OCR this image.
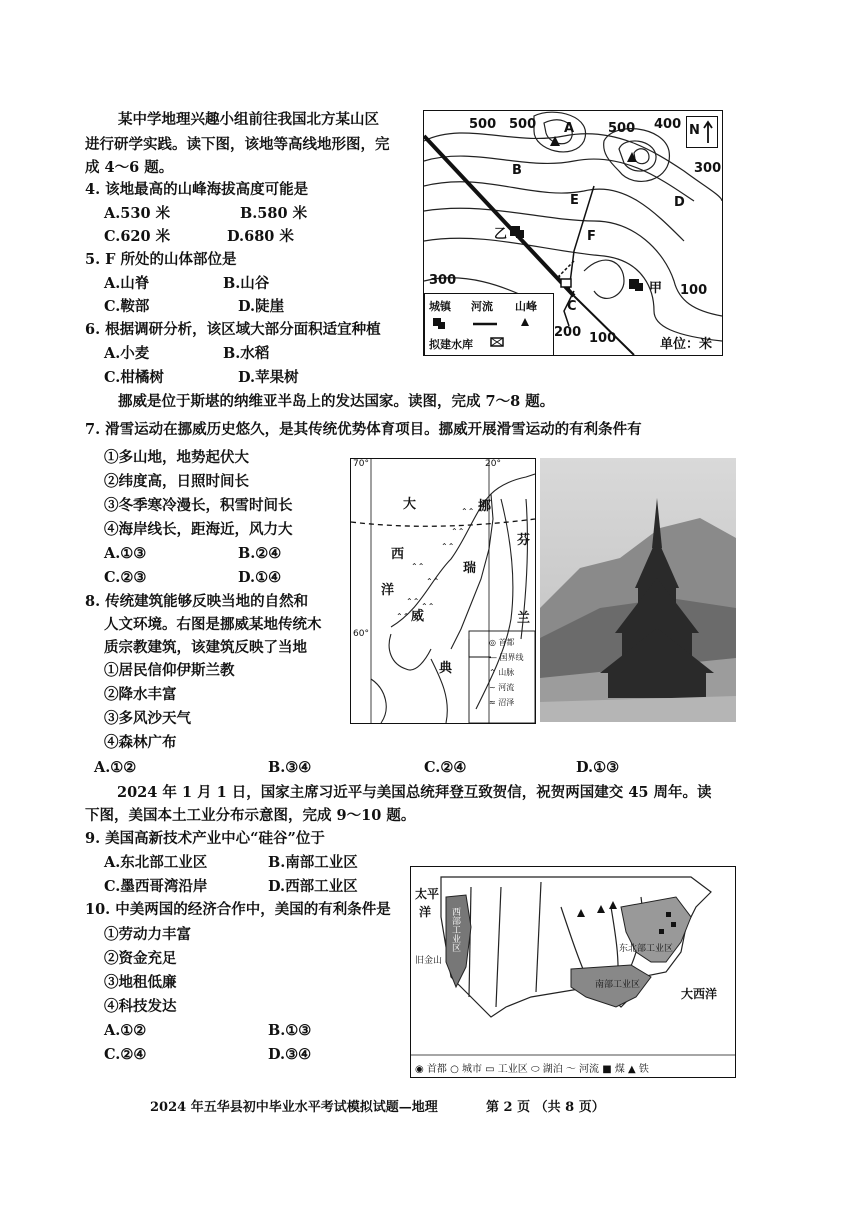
某中学地理兴趣小组前往我国北方某山区
进行研学实践。读下图，该地等高线地形图，完
成 4～6 题。
4. 该地最高的山峰海拔高度可能是
A.530 米	B.580 米
C.620 米	D.680 米
5. F 所处的山体部位是
A.山脊	B.山谷
C.鞍部	D.陡崖
6. 根据调研分析，该区域大部分面积适宜种植
A.小麦	B.水稻
C.柑橘树	D.苹果树
500 500 A	500 400
300
B
E	D
乙	F
300
C
甲 100
200 100
N
城镇 河流 山峰
拟建水库	单位：米
挪威是位于斯堪的纳维亚半岛上的发达国家。读图，完成 7～8 题。
7. 滑雪运动在挪威历史悠久，是其传统优势体育项目。挪威开展滑雪运动的有利条件有
①多山地，地势起伏大
②纬度高，日照时间长
③冬季寒冷漫长，积雪时间长
④海岸线长，距海近，风力大
A.①③	B.②④
C.②③	D.①④
8. 传统建筑能够反映当地的自然和
人文环境。右图是挪威某地传统木
质宗教建筑，该建筑反映了当地
①居民信仰伊斯兰教
②降水丰富
③多风沙天气
④森林广布
A.①②	B.③④	C.②④	D.①③
⌃⌃
⌃⌃
⌃⌃
⌃⌃
⌃⌃
⌃⌃
⌃⌃
⌃⌃
70°	20°
60°
大
西
洋
挪
威
芬
兰
瑞
典
◎ 首都
— 国界线
⌃ 山脉
~ 河流
≈ 沼泽
2024 年 1 月 1 日，国家主席习近平与美国总统拜登互致贺信，祝贺两国建交 45 周年。读
下图，美国本土工业分布示意图，完成 9～10 题。
9. 美国高新技术产业中心“硅谷”位于
A.东北部工业区	B.南部工业区
C.墨西哥湾沿岸	D.西部工业区
10. 中美两国的经济合作中，美国的有利条件是
①劳动力丰富
②资金充足
③地租低廉
④科技发达
A.①②	B.①③
C.②④	D.③④
太平
洋 西部工业区
旧金山
东北部工业区
南部工业区
大西洋
◉ 首都 ○ 城市 ▭ 工业区 ⬭ 湖泊 〜 河流 ■ 煤 ▲ 铁
2024 年五华县初中毕业水平考试模拟试题—地理	第 2 页 （共 8 页）
